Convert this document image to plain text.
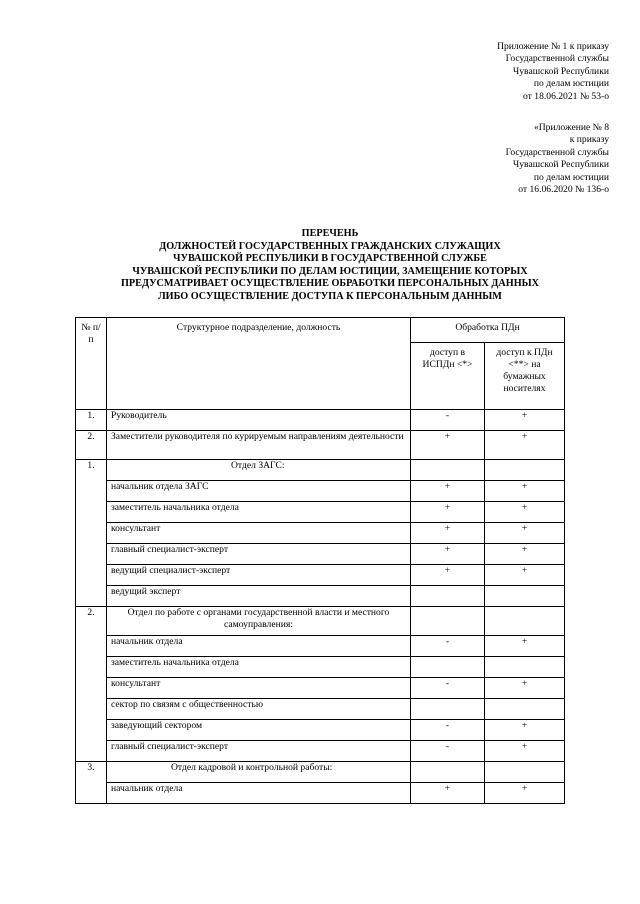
Приложение № 1 к приказу
Государственной службы
Чувашской Республики
по делам юстиции
от 18.06.2021 № 53-о
«Приложение № 8
к приказу
Государственной службы
Чувашской Республики
по делам юстиции
от 16.06.2020 № 136-о
ПЕРЕЧЕНЬ
ДОЛЖНОСТЕЙ ГОСУДАРСТВЕННЫХ ГРАЖДАНСКИХ СЛУЖАЩИХ
ЧУВАШСКОЙ РЕСПУБЛИКИ В ГОСУДАРСТВЕННОЙ СЛУЖБЕ
ЧУВАШСКОЙ РЕСПУБЛИКИ ПО ДЕЛАМ ЮСТИЦИИ, ЗАМЕЩЕНИЕ КОТОРЫХ
ПРЕДУСМАТРИВАЕТ ОСУЩЕСТВЛЕНИЕ ОБРАБОТКИ ПЕРСОНАЛЬНЫХ ДАННЫХ
ЛИБО ОСУЩЕСТВЛЕНИЕ ДОСТУПА К ПЕРСОНАЛЬНЫМ ДАННЫМ
№ п/п	Структурное подразделение, должность	Обработка ПДн	
		доступ в ИСПДн <*>	доступ к ПДн <**> на бумажных носителях
1.	Руководитель	-	+
2.	Заместители руководителя по курируемым направлениям деятельности	+	+
1.	Отдел ЗАГС:		
	начальник отдела ЗАГС	+	+
	заместитель начальника отдела	+	+
	консультант	+	+
	главный специалист-эксперт	+	+
	ведущий специалист-эксперт	+	+
	ведущий эксперт		
2.	Отдел по работе с органами государственной власти и местного самоуправления:		
	начальник отдела	-	+
	заместитель начальника отдела		
	консультант	-	+
	сектор по связям с общественностью		
	заведующий сектором	-	+
	главный специалист-эксперт	-	+
3.	Отдел кадровой и контрольной работы:		
	начальник отдела	+	+
